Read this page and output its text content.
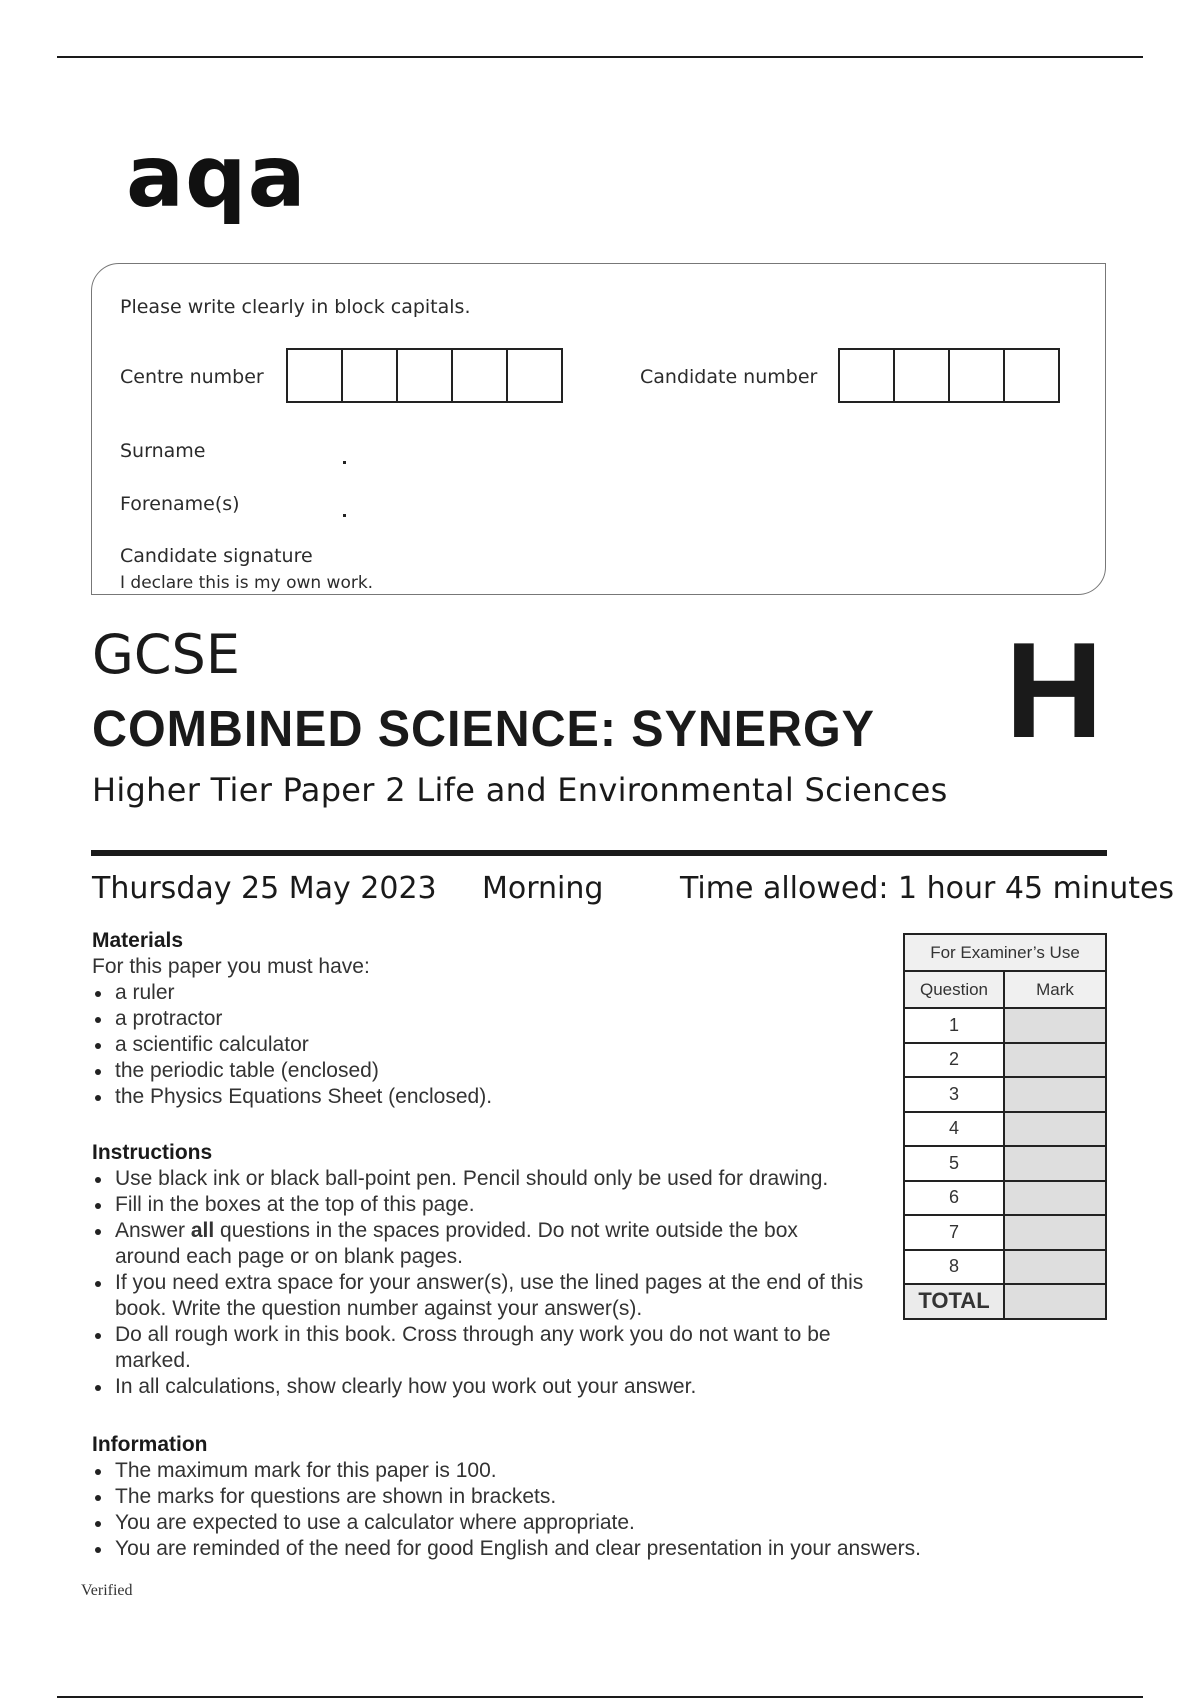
aqa
Please write clearly in block capitals.
Centre number	Candidate number
Surname
Forename(s)
Candidate signature
I declare this is my own work.
GCSE
COMBINED SCIENCE: SYNERGY
Higher Tier Paper 2 Life and Environmental Sciences
H
Thursday 25 May 2023 Morning	Time allowed: 1 hour 45 minutes
Materials
For this paper you must have:
a ruler
a protractor
a scientific calculator
the periodic table (enclosed)
the Physics Equations Sheet (enclosed).
Instructions
Use black ink or black ball-point pen. Pencil should only be used for drawing.
Fill in the boxes at the top of this page.
Answer all questions in the spaces provided. Do not write outside the box around each page or on blank pages.
If you need extra space for your answer(s), use the lined pages at the end of this book. Write the question number against your answer(s).
Do all rough work in this book. Cross through any work you do not want to be marked.
In all calculations, show clearly how you work out your answer.
Information
The maximum mark for this paper is 100.
The marks for questions are shown in brackets.
You are expected to use a calculator where appropriate.
You are reminded of the need for good English and clear presentation in your answers.
For Examiner’s Use	
Question	Mark
1	
2	
3	
4	
5	
6	
7	
8	
TOTAL	
Verified
